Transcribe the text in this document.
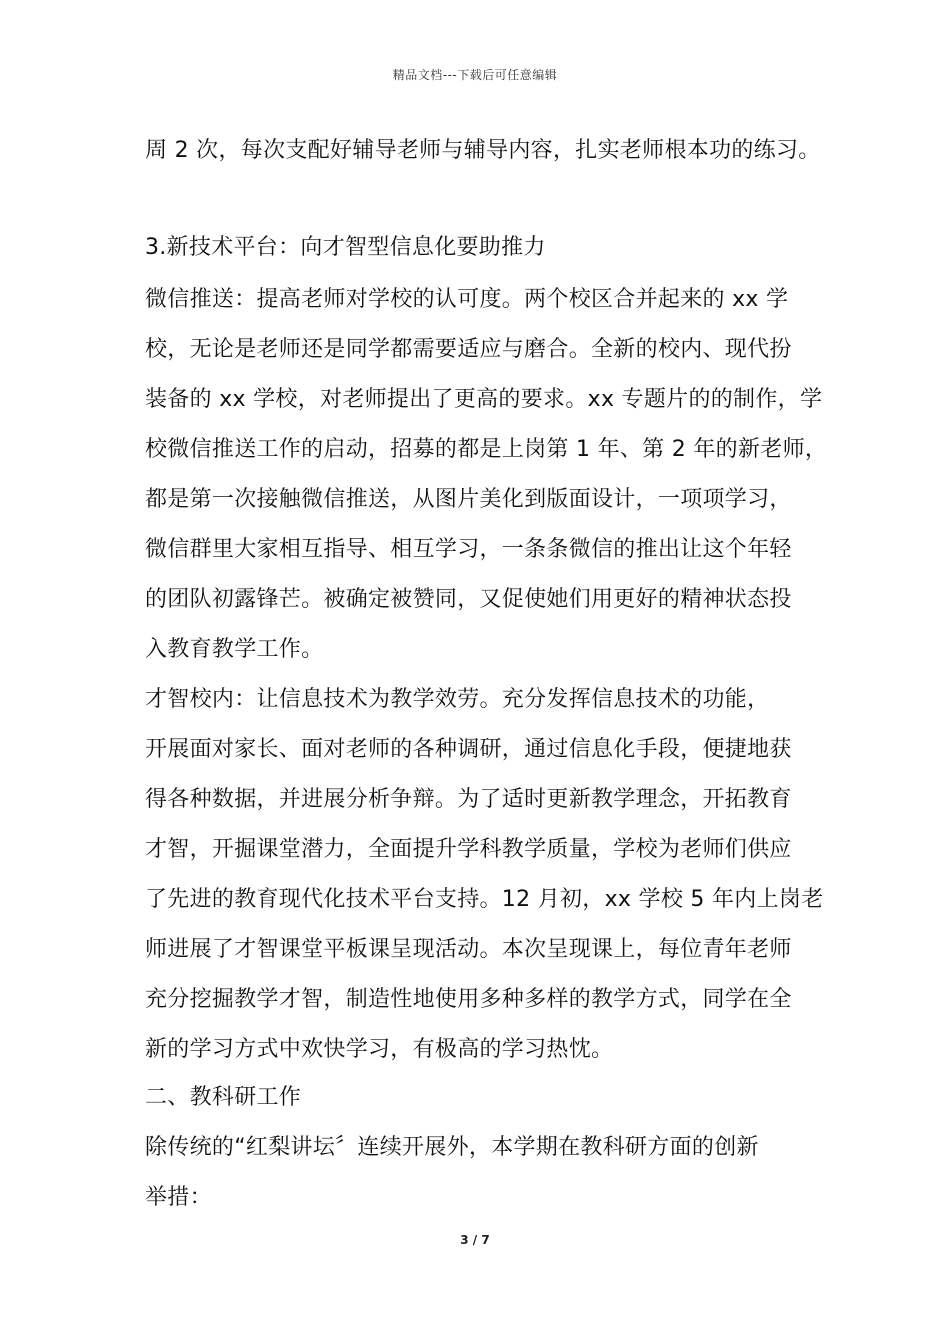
精品文档---下载后可任意编辑
周 2 次，每次支配好辅导老师与辅导内容，扎实老师根本功的练习。
3.新技术平台：向才智型信息化要助推力
微信推送：提高老师对学校的认可度。两个校区合并起来的 xx 学
校，无论是老师还是同学都需要适应与磨合。全新的校内、现代扮
装备的 xx 学校，对老师提出了更高的要求。xx 专题片的的制作，学
校微信推送工作的启动，招募的都是上岗第 1 年、第 2 年的新老师，
都是第一次接触微信推送，从图片美化到版面设计，一项项学习，
微信群里大家相互指导、相互学习，一条条微信的推出让这个年轻
的团队初露锋芒。被确定被赞同，又促使她们用更好的精神状态投
入教育教学工作。
才智校内：让信息技术为教学效劳。充分发挥信息技术的功能，
开展面对家长、面对老师的各种调研，通过信息化手段，便捷地获
得各种数据，并进展分析争辩。为了适时更新教学理念，开拓教育
才智，开掘课堂潜力，全面提升学科教学质量，学校为老师们供应
了先进的教育现代化技术平台支持。12 月初，xx 学校 5 年内上岗老
师进展了才智课堂平板课呈现活动。本次呈现课上，每位青年老师
充分挖掘教学才智，制造性地使用多种多样的教学方式，同学在全
新的学习方式中欢快学习，有极高的学习热忱。
二、教科研工作
除传统的“红梨讲坛〞连续开展外，本学期在教科研方面的创新
举措：
3 / 7
